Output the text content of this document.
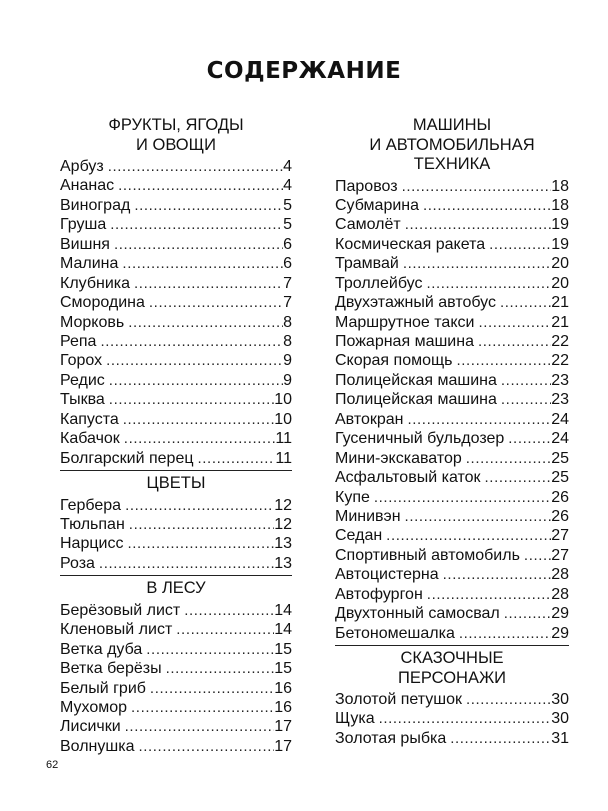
СОДЕРЖАНИЕ
ФРУКТЫ, ЯГОДЫ
И ОВОЩИ
Арбуз .....	4
Ананас .....	4
Виноград .....	5
Груша .....	5
Вишня .....	6
Малина .....	6
Клубника .....	7
Смородина .....	7
Морковь .....	8
Репа .....	8
Горох .....	9
Редис .....	9
Тыква .....	10
Капуста .....	10
Кабачок .....	11
Болгарский перец .....	11
ЦВЕТЫ
Гербера .....	12
Тюльпан .....	12
Нарцисс .....	13
Роза .....	13
В ЛЕСУ
Берёзовый лист .....	14
Кленовый лист .....	14
Ветка дуба .....	15
Ветка берёзы .....	15
Белый гриб .....	16
Мухомор .....	16
Лисички .....	17
Волнушка .....	17
МАШИНЫ
И АВТОМОБИЛЬНАЯ
ТЕХНИКА
Паровоз .....	18
Субмарина .....	18
Самолёт .....	19
Космическая ракета .....	19
Трамвай .....	20
Троллейбус .....	20
Двухэтажный автобус .....	21
Маршрутное такси .....	21
Пожарная машина .....	22
Скорая помощь .....	22
Полицейская машина .....	23
Полицейская машина .....	23
Автокран .....	24
Гусеничный бульдозер .....	24
Мини-экскаватор .....	25
Асфальтовый каток .....	25
Купе .....	26
Минивэн .....	26
Седан .....	27
Спортивный автомобиль ..... 27
Автоцистерна .....	28
Автофургон .....	28
Двухтонный самосвал .....	29
Бетономешалка .....	29
СКАЗОЧНЫЕ
ПЕРСОНАЖИ
Золотой петушок .....	30
Щука .....	30
Золотая рыбка .....	31
62
